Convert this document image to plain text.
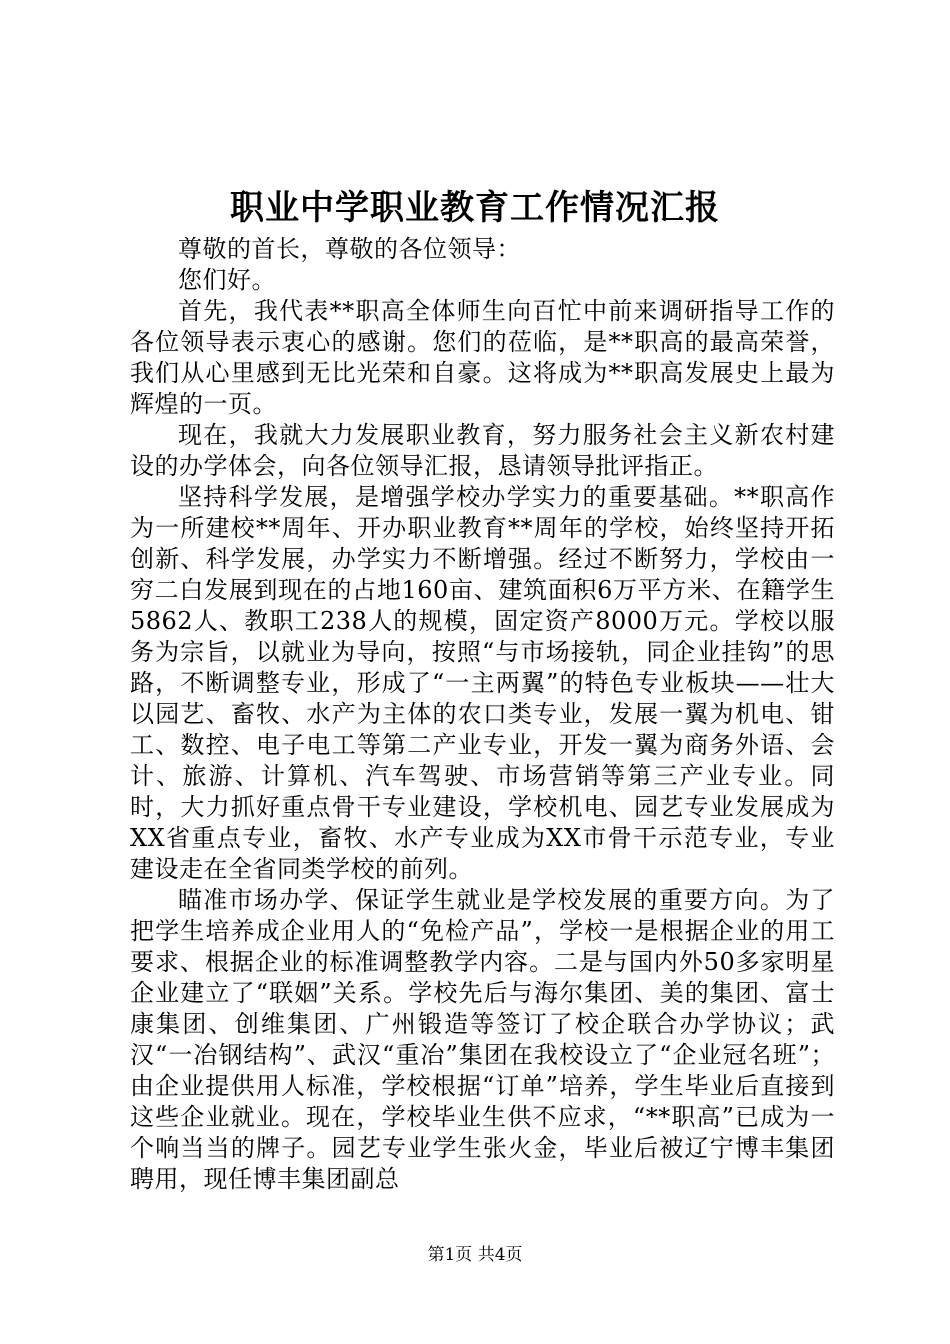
职业中学职业教育工作情况汇报

尊敬的首长，尊敬的各位领导：

您们好。

首先，我代表**职高全体师生向百忙中前来调研指导工作的各位领导表示衷心的感谢。您们的莅临，是**职高的最高荣誉，我们从心里感到无比光荣和自豪。这将成为**职高发展史上最为辉煌的一页。

现在，我就大力发展职业教育，努力服务社会主义新农村建设的办学体会，向各位领导汇报，恳请领导批评指正。

坚持科学发展，是增强学校办学实力的重要基础。**职高作为一所建校**周年、开办职业教育**周年的学校，始终坚持开拓创新、科学发展，办学实力不断增强。经过不断努力，学校由一穷二白发展到现在的占地160亩、建筑面积6万平方米、在籍学生5862人、教职工238人的规模，固定资产8000万元。学校以服务为宗旨，以就业为导向，按照“与市场接轨，同企业挂钩”的思路，不断调整专业，形成了“一主两翼”的特色专业板块——壮大以园艺、畜牧、水产为主体的农口类专业，发展一翼为机电、钳工、数控、电子电工等第二产业专业，开发一翼为商务外语、会计、旅游、计算机、汽车驾驶、市场营销等第三产业专业。同时，大力抓好重点骨干专业建设，学校机电、园艺专业发展成为XX省重点专业，畜牧、水产专业成为XX市骨干示范专业，专业建设走在全省同类学校的前列。

瞄准市场办学、保证学生就业是学校发展的重要方向。为了把学生培养成企业用人的“免检产品”，学校一是根据企业的用工要求、根据企业的标准调整教学内容。二是与国内外50多家明星企业建立了“联姻”关系。学校先后与海尔集团、美的集团、富士康集团、创维集团、广州锻造等签订了校企联合办学协议；武汉“一冶钢结构”、武汉“重冶”集团在我校设立了“企业冠名班”；由企业提供用人标准，学校根据“订单”培养，学生毕业后直接到这些企业就业。现在，学校毕业生供不应求，“**职高”已成为一个响当当的牌子。园艺专业学生张火金，毕业后被辽宁博丰集团聘用，现任博丰集团副总

第1页 共4页
